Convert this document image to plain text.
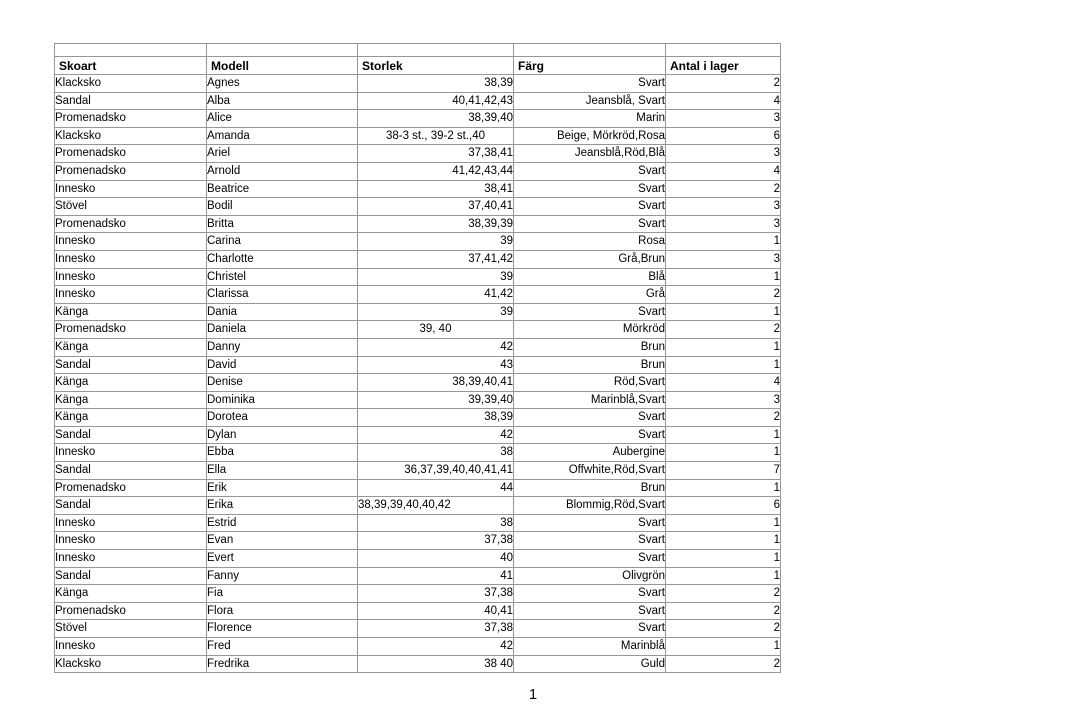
Skoart	Modell	Storlek	Färg	Antal i lager
Klacksko	Agnes	38,39	Svart	2
Sandal	Alba	40,41,42,43	Jeansblå, Svart	4
Promenadsko	Alice	38,39,40	Marin	3
Klacksko	Amanda	38-3 st., 39-2 st.,40	Beige, Mörkröd,Rosa	6
Promenadsko	Ariel	37,38,41	Jeansblå,Röd,Blå	3
Promenadsko	Arnold	41,42,43,44	Svart	4
Innesko	Beatrice	38,41	Svart	2
Stövel	Bodil	37,40,41	Svart	3
Promenadsko	Britta	38,39,39	Svart	3
Innesko	Carina	39	Rosa	1
Innesko	Charlotte	37,41,42	Grå,Brun	3
Innesko	Christel	39	Blå	1
Innesko	Clarissa	41,42	Grå	2
Känga	Dania	39	Svart	1
Promenadsko	Daniela	39, 40	Mörkröd	2
Känga	Danny	42	Brun	1
Sandal	David	43	Brun	1
Känga	Denise	38,39,40,41	Röd,Svart	4
Känga	Dominika	39,39,40	Marinblå,Svart	3
Känga	Dorotea	38,39	Svart	2
Sandal	Dylan	42	Svart	1
Innesko	Ebba	38	Aubergine	1
Sandal	Ella	36,37,39,40,40,41,41	Offwhite,Röd,Svart	7
Promenadsko	Erik	44	Brun	1
Sandal	Erika	38,39,39,40,40,42	Blommig,Röd,Svart	6
Innesko	Estrid	38	Svart	1
Innesko	Evan	37,38	Svart	1
Innesko	Evert	40	Svart	1
Sandal	Fanny	41	Olivgrön	1
Känga	Fia	37,38	Svart	2
Promenadsko	Flora	40,41	Svart	2
Stövel	Florence	37,38	Svart	2
Innesko	Fred	42	Marinblå	1
Klacksko	Fredrika	38 40	Guld	2
1
